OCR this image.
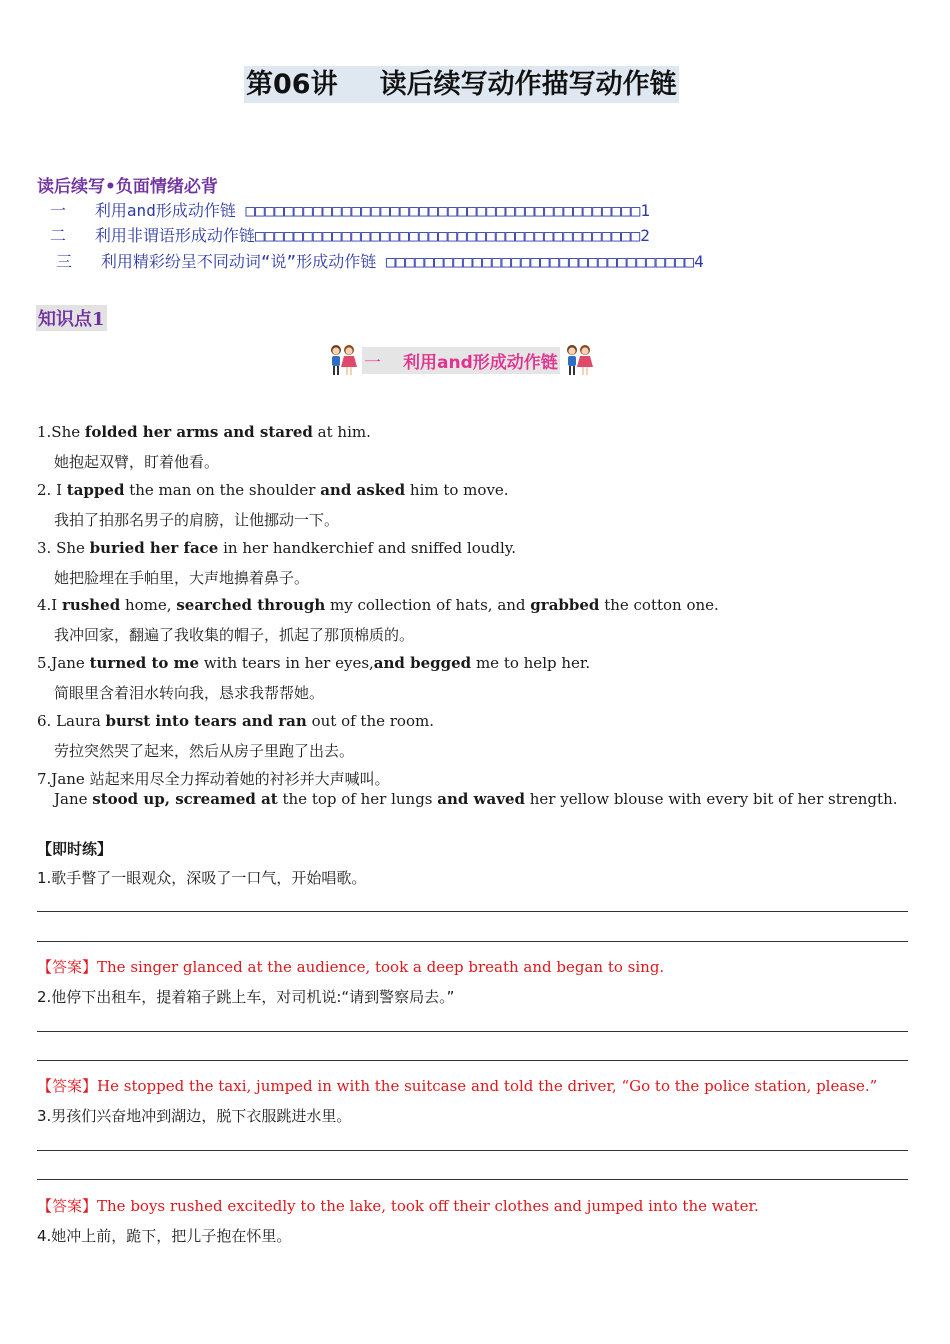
第06讲 读后续写动作描写动作链
读后续写•负面情绪必背
一 利用and形成动作链 □□□□□□□□□□□□□□□□□□□□□□□□□□□□□□□□□□□□□□□□□1
二 利用非谓语形成动作链□□□□□□□□□□□□□□□□□□□□□□□□□□□□□□□□□□□□□□□□2
三 利用精彩纷呈不同动词“说”形成动作链 □□□□□□□□□□□□□□□□□□□□□□□□□□□□□□□□4
知识点1
一 利用and形成动作链
1.She folded her arms and stared at him.
她抱起双臂，盯着他看。
2. I tapped the man on the shoulder and asked him to move.
我拍了拍那名男子的肩膀，让他挪动一下。
3. She buried her face in her handkerchief and sniffed loudly.
她把脸埋在手帕里，大声地擤着鼻子。
4.I rushed home, searched through my collection of hats, and grabbed the cotton one.
我冲回家，翻遍了我收集的帽子，抓起了那顶棉质的。
5.Jane turned to me with tears in her eyes,and begged me to help her.
简眼里含着泪水转向我，恳求我帮帮她。
6. Laura burst into tears and ran out of the room.
劳拉突然哭了起来，然后从房子里跑了出去。
7.Jane 站起来用尽全力挥动着她的衬衫并大声喊叫。
Jane stood up, screamed at the top of her lungs and waved her yellow blouse with every bit of her strength.
【即时练】
1.歌手瞥了一眼观众，深吸了一口气，开始唱歌。
【答案】The singer glanced at the audience, took a deep breath and began to sing.
2.他停下出租车，提着箱子跳上车，对司机说:“请到警察局去。”
【答案】He stopped the taxi, jumped in with the suitcase and told the driver, “Go to the police station, please.”
3.男孩们兴奋地冲到湖边，脱下衣服跳进水里。
【答案】The boys rushed excitedly to the lake, took off their clothes and jumped into the water.
4.她冲上前，跪下，把儿子抱在怀里。
